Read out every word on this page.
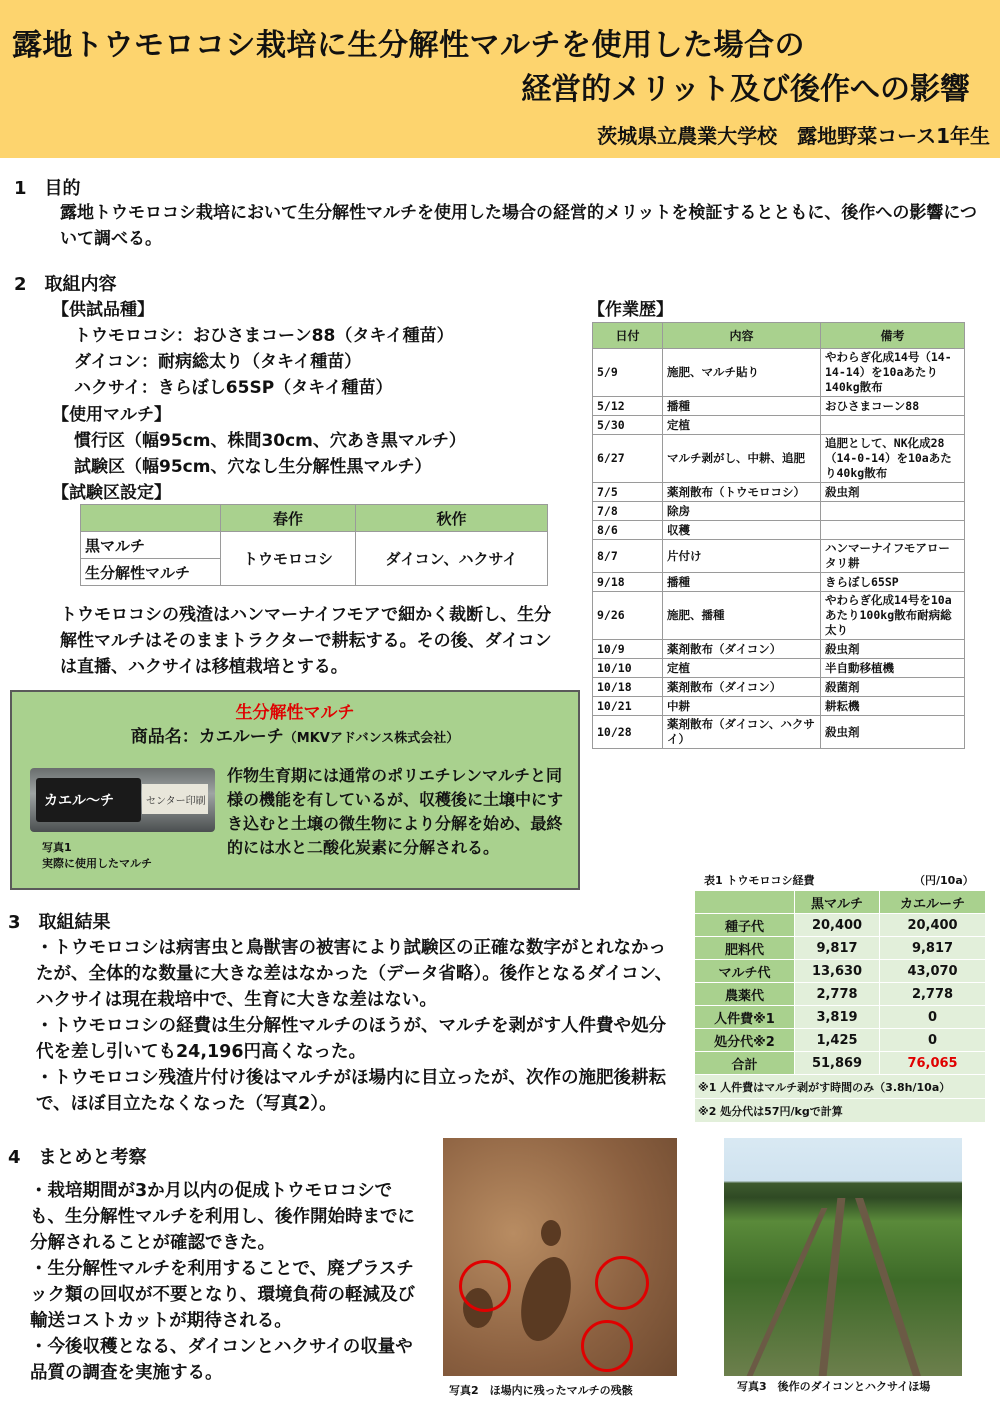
露地トウモロコシ栽培に生分解性マルチを使用した場合の
経営的メリット及び後作への影響
茨城県立農業大学校　露地野菜コース1年生
1　目的
露地トウモロコシ栽培において生分解性マルチを使用した場合の経営的メリットを検証するとともに、後作への影響について調べる。
2　取組内容
【供試品種】
トウモロコシ：おひさまコーン88（タキイ種苗）
ダイコン：耐病総太り（タキイ種苗）
ハクサイ：きらぼし65SP（タキイ種苗）
【使用マルチ】
慣行区（幅95cm、株間30cm、穴あき黒マルチ）
試験区（幅95cm、穴なし生分解性黒マルチ）
【試験区設定】
	春作	秋作
黒マルチ	トウモロコシ	ダイコン、ハクサイ
生分解性マルチ		
トウモロコシの残渣はハンマーナイフモアで細かく裁断し、生分解性マルチはそのままトラクターで耕耘する。その後、ダイコンは直播、ハクサイは移植栽培とする。
生分解性マルチ
商品名：カエルーチ（MKVアドバンス株式会社）
カエル〜チ	センター印刷
写真1
実際に使用したマルチ
作物生育期には通常のポリエチレンマルチと同様の機能を有しているが、収穫後に土壌中にすき込むと土壌の微生物により分解を始め、最終的には水と二酸化炭素に分解される。
【作業歴】
日付	内容	備考
5/9	施肥、マルチ貼り	やわらぎ化成14号（14-14-14）を10aあたり140kg散布
5/12	播種	おひさまコーン88
5/30	定植	
6/27	マルチ剥がし、中耕、追肥	追肥として、NK化成28（14-0-14）を10aあたり40kg散布
7/5	薬剤散布（トウモロコシ）	殺虫剤
7/8	除房	
8/6	収穫	
8/7	片付け	ハンマーナイフモアロータリ耕
9/18	播種	きらぼし65SP
9/26	施肥、播種	やわらぎ化成14号を10aあたり100kg散布耐病総太り
10/9	薬剤散布（ダイコン）	殺虫剤
10/10	定植	半自動移植機
10/18	薬剤散布（ダイコン）	殺菌剤
10/21	中耕	耕耘機
10/28	薬剤散布（ダイコン、ハクサイ）	殺虫剤
表1 トウモロコシ経費	（円/10a）
	黒マルチ	カエルーチ
種子代	20,400	20,400
肥料代	9,817	9,817
マルチ代	13,630	43,070
農薬代	2,778	2,778
人件費※1	3,819	0
処分代※2	1,425	0
合計	51,869	76,065
※1 人件費はマルチ剥がす時間のみ（3.8h/10a）		
※2 処分代は57円/kgで計算		
3　取組結果
・トウモロコシは病害虫と鳥獣害の被害により試験区の正確な数字がとれなかったが、全体的な数量に大きな差はなかった（データ省略）。後作となるダイコン、ハクサイは現在栽培中で、生育に大きな差はない。
・トウモロコシの経費は生分解性マルチのほうが、マルチを剥がす人件費や処分代を差し引いても24,196円高くなった。
・トウモロコシ残渣片付け後はマルチがほ場内に目立ったが、次作の施肥後耕耘で、ほぼ目立たなくなった（写真2）。
4　まとめと考察
・栽培期間が3か月以内の促成トウモロコシでも、生分解性マルチを利用し、後作開始時までに分解されることが確認できた。
・生分解性マルチを利用することで、廃プラスチック類の回収が不要となり、環境負荷の軽減及び輸送コストカットが期待される。
・今後収穫となる、ダイコンとハクサイの収量や品質の調査を実施する。
写真2　ほ場内に残ったマルチの残骸	写真3　後作のダイコンとハクサイほ場
